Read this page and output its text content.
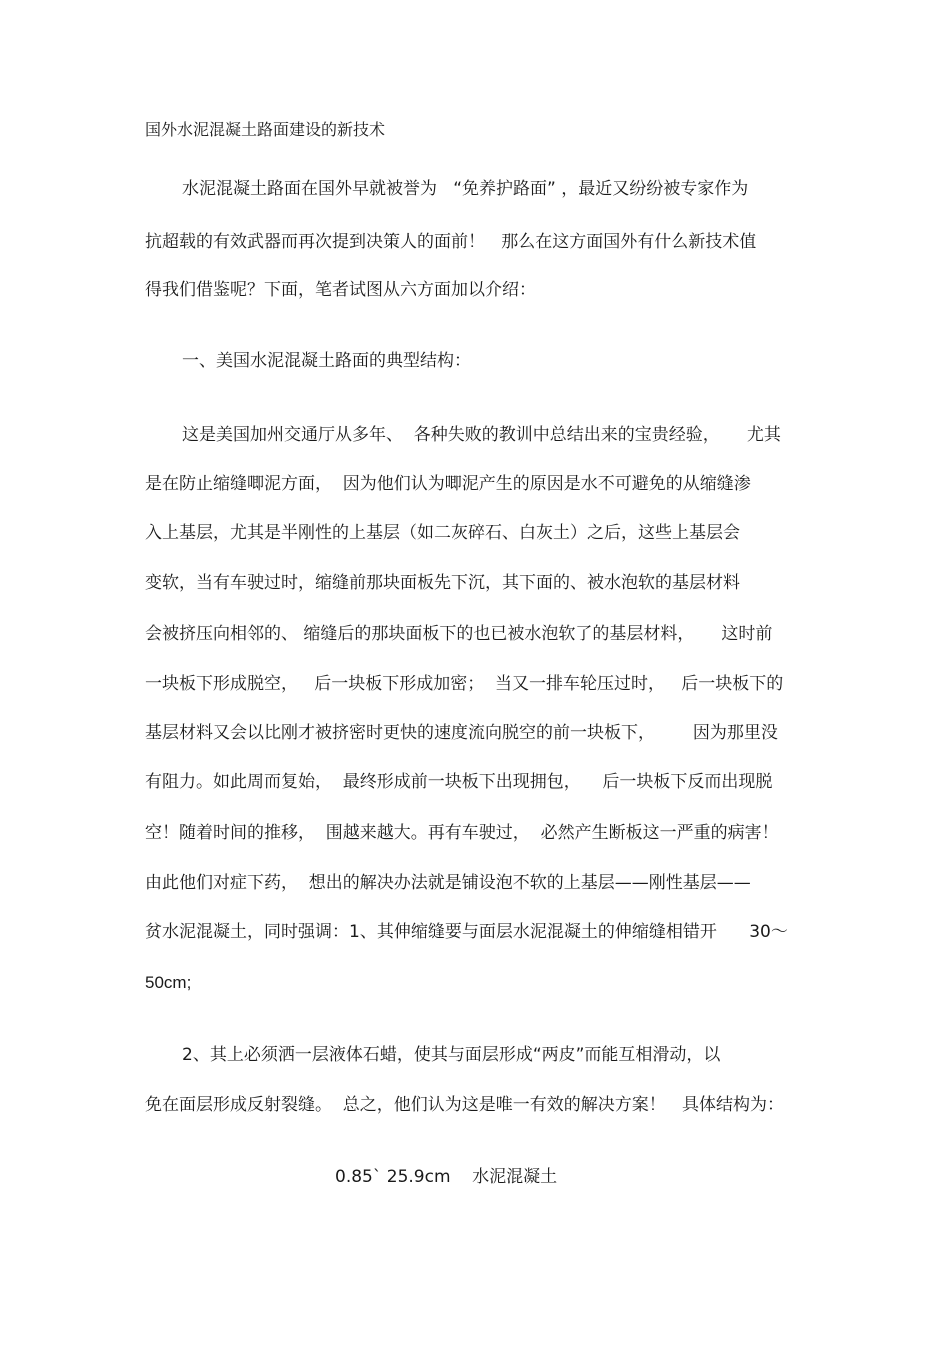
国外水泥混凝土路面建设的新技术
水泥混凝土路面在国外早就被誉为   “免养护路面” ，最近又纷纷被专家作为
抗超载的有效武器而再次提到决策人的面前！   那么在这方面国外有什么新技术值
得我们借鉴呢？下面，笔者试图从六方面加以介绍：
一、美国水泥混凝土路面的典型结构：
这是美国加州交通厅从多年、  各种失败的教训中总结出来的宝贵经验，     尤其
是在防止缩缝唧泥方面，  因为他们认为唧泥产生的原因是水不可避免的从缩缝渗
入上基层，尤其是半刚性的上基层（如二灰碎石、白灰土）之后，这些上基层会
变软，当有车驶过时，缩缝前那块面板先下沉，其下面的、被水泡软的基层材料
会被挤压向相邻的、 缩缝后的那块面板下的也已被水泡软了的基层材料，     这时前
一块板下形成脱空，   后一块板下形成加密；  当又一排车轮压过时，   后一块板下的
基层材料又会以比刚才被挤密时更快的速度流向脱空的前一块板下，       因为那里没
有阻力。如此周而复始，  最终形成前一块板下出现拥包，    后一块板下反而出现脱
空！随着时间的推移，  围越来越大。再有车驶过，  必然产生断板这一严重的病害！
由此他们对症下药，  想出的解决办法就是铺设泡不软的上基层——刚性基层——
贫水泥混凝土，同时强调：1、其伸缩缝要与面层水泥混凝土的伸缩缝相错开      30～
50cm;
2、其上必须洒一层液体石蜡，使其与面层形成“两皮”而能互相滑动，以
免在面层形成反射裂缝。  总之，他们认为这是唯一有效的解决方案！   具体结构为：
0.85` 25.9cm    水泥混凝土
